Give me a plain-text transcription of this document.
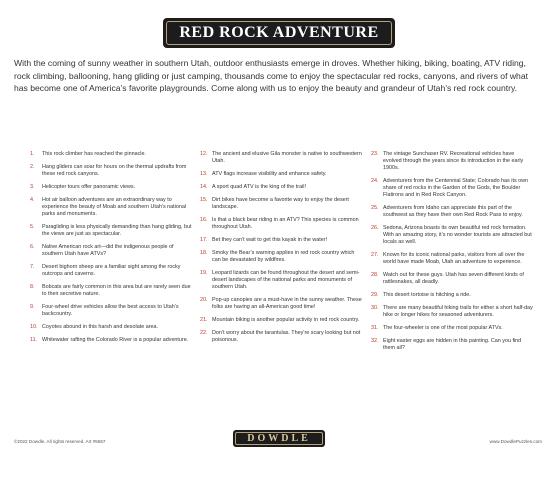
RED ROCK ADVENTURE
With the coming of sunny weather in southern Utah, outdoor enthusiasts emerge in droves. Whether hiking, biking, boating, ATV riding, rock climbing, ballooning, hang gliding or just camping, thousands come to enjoy the spectacular red rocks, canyons, and rivers of what has become one of America’s favorite playgrounds. Come along with us to enjoy the beauty and grandeur of Utah’s red rock country.
1.	This rock climber has reached the pinnacle.
2.	Hang gliders can soar for hours on the thermal updrafts from these red rock canyons.
3.	Helicopter tours offer panoramic views.
4.	Hot air balloon adventures are an extraordinary way to experience the beauty of Moab and southern Utah’s national parks and monuments.
5.	Paragliding is less physically demanding than hang gliding, but the views are just as spectacular.
6.	Native American rock art—did the indigenous people of southern Utah have ATVs?
7.	Desert bighorn sheep are a familiar sight among the rocky outcrops and caverns.
8.	Bobcats are fairly common in this area but are rarely seen due to their secretive nature.
9.	Four-wheel drive vehicles allow the best access to Utah’s backcountry.
10. Coyotes abound in this harsh and desolate area.
11. Whitewater rafting the Colorado River is a popular adventure.
12. The ancient and elusive Gila monster is native to southwestern Utah.
13. ATV flags increase visibility and enhance safety.
14. A sport quad ATV is the king of the trail!
15. Dirt bikes have become a favorite way to enjoy the desert landscape.
16. Is that a black bear riding in an ATV? This species is common throughout Utah.
17. Bet they can’t wait to get this kayak in the water!
18. Smoky the Bear’s warning applies in red rock country which can be devastated by wildfires.
19. Leopard lizards can be found throughout the desert and semi-desert landscapes of the national parks and monuments of southern Utah.
20. Pop-up canopies are a must-have in the sunny weather. These folks are having an all-American good time!
21. Mountain biking is another popular activity in red rock country.
22. Don’t worry about the tarantulas. They’re scary looking but not poisonous.
23. The vintage Sunchaser RV. Recreational vehicles have evolved through the years since its introduction in the early 1900s.
24. Adventurers from the Centennial State; Colorado has its own share of red rocks in the Garden of the Gods, the Boulder Flatirons and in Red Rock Canyon.
25. Adventurers from Idaho can appreciate this part of the southwest as they have their own Red Rock Pass to enjoy.
26. Sedona, Arizona boasts its own beautiful red rock formation. With an amazing story, it’s no wonder tourists are attracted but locals as well.
27. Known for its iconic national parks, visitors from all over the world have made Moab, Utah an adventure to experience.
28. Watch out for these guys. Utah has seven different kinds of rattlesnakes, all deadly.
29. This desert tortoise is hitching a ride.
30. There are many beautiful hiking trails for either a short half-day hike or longer hikes for seasoned adventurers.
31. The four-wheeler is one of the most popular ATVs.
32. Eight easter eggs are hidden in this painting. Can you find them all?
©2022 Dowdle. All rights reserved. Art #5557	DOWDLE	www.DowdlePuzzles.com
